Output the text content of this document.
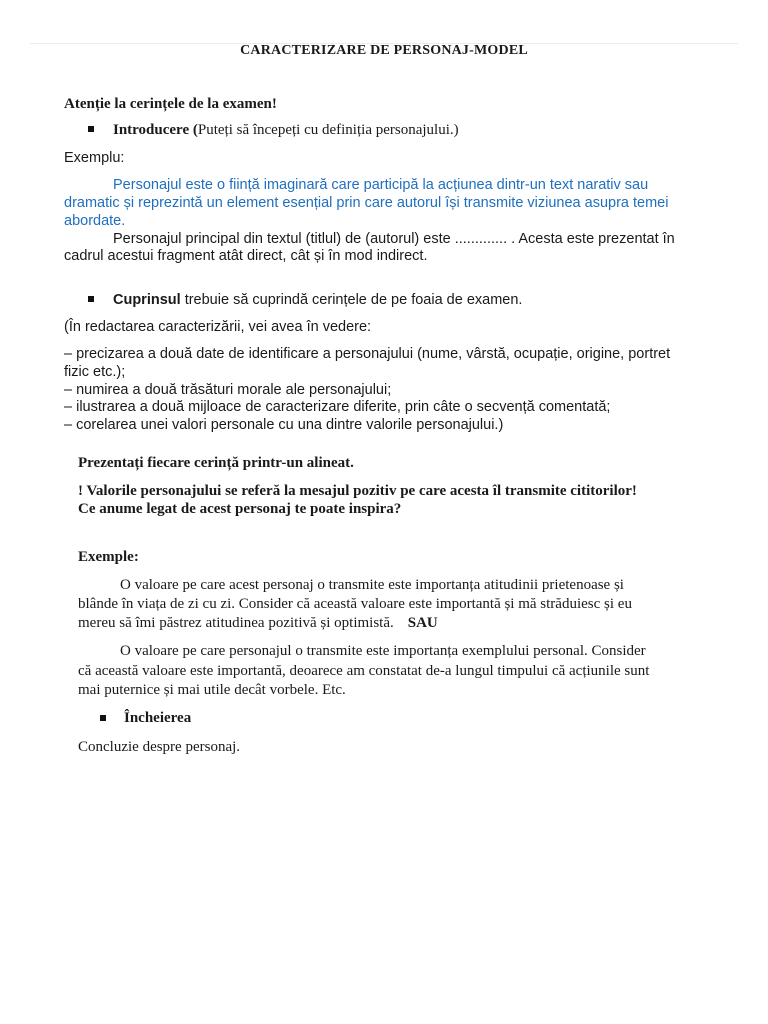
CARACTERIZARE DE PERSONAJ-MODEL
Atenție la cerințele de la examen!
Introducere (Puteți să începeți cu definiția personajului.)
Exemplu:
Personajul este o ființă imaginară care participă la acțiunea dintr-un text narativ sau
dramatic și reprezintă un element esențial prin care autorul își transmite viziunea asupra temei
abordate.
Personajul principal din textul (titlul) de (autorul) este ............. . Acesta este prezentat în
cadrul acestui fragment atât direct, cât și în mod indirect.
Cuprinsul trebuie să cuprindă cerințele de pe foaia de examen.
(În redactarea caracterizării, vei avea în vedere:
– precizarea a două date de identificare a personajului (nume, vârstă, ocupație, origine, portret
fizic etc.);
– numirea a două trăsături morale ale personajului;
– ilustrarea a două mijloace de caracterizare diferite, prin câte o secvență comentată;
– corelarea unei valori personale cu una dintre valorile personajului.)
Prezentați fiecare cerință printr-un alineat.
! Valorile personajului se referă la mesajul pozitiv pe care acesta îl transmite cititorilor!
Ce anume legat de acest personaj te poate inspira?
Exemple:
O valoare pe care acest personaj o transmite este importanța atitudinii prietenoase și
blânde în viața de zi cu zi. Consider că această valoare este importantă și mă străduiesc și eu
mereu să îmi păstrez atitudinea pozitivă și optimistă. SAU
O valoare pe care personajul o transmite este importanța exemplului personal. Consider
că această valoare este importantă, deoarece am constatat de-a lungul timpului că acțiunile sunt
mai puternice și mai utile decât vorbele. Etc.
Încheierea
Concluzie despre personaj.
